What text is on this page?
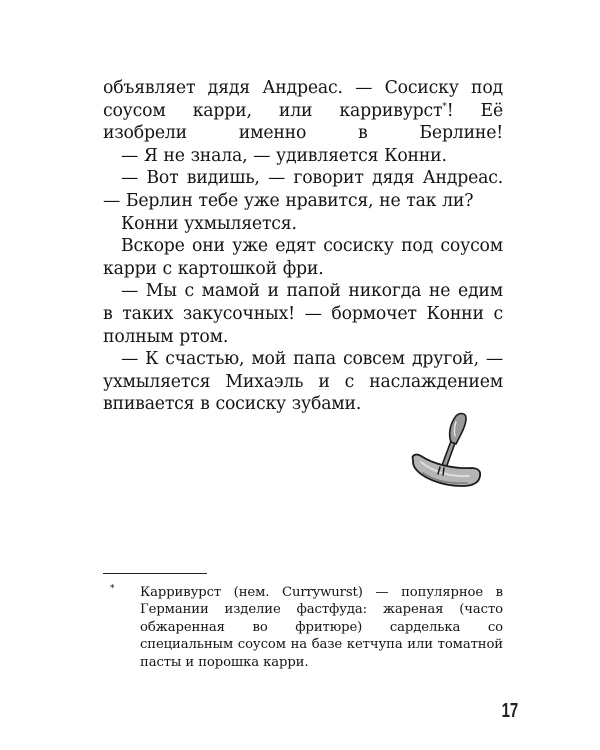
объявляет дядя Андреас. — Сосиску под соусом карри, или карривурст*! Её изобрели именно в Берлине!

— Я не знала, — удивляется Конни.

— Вот видишь, — говорит дядя Андреас. — Берлин тебе уже нравится, не так ли?

Конни ухмыляется.

Вскоре они уже едят сосиску под соусом карри с картошкой фри.

— Мы с мамой и папой никогда не едим в таких закусочных! — бормочет Конни с полным ртом.

— К счастью, мой папа совсем другой, — ухмыляется Михаэль и с наслаждением впивается в сосиску зубами.

* Карривурст (нем. Currywurst) — популярное в Германии изделие фастфуда: жареная (часто обжаренная во фритюре) сарделька со специальным соусом на базе кетчупа или томатной пасты и порошка карри.
17
